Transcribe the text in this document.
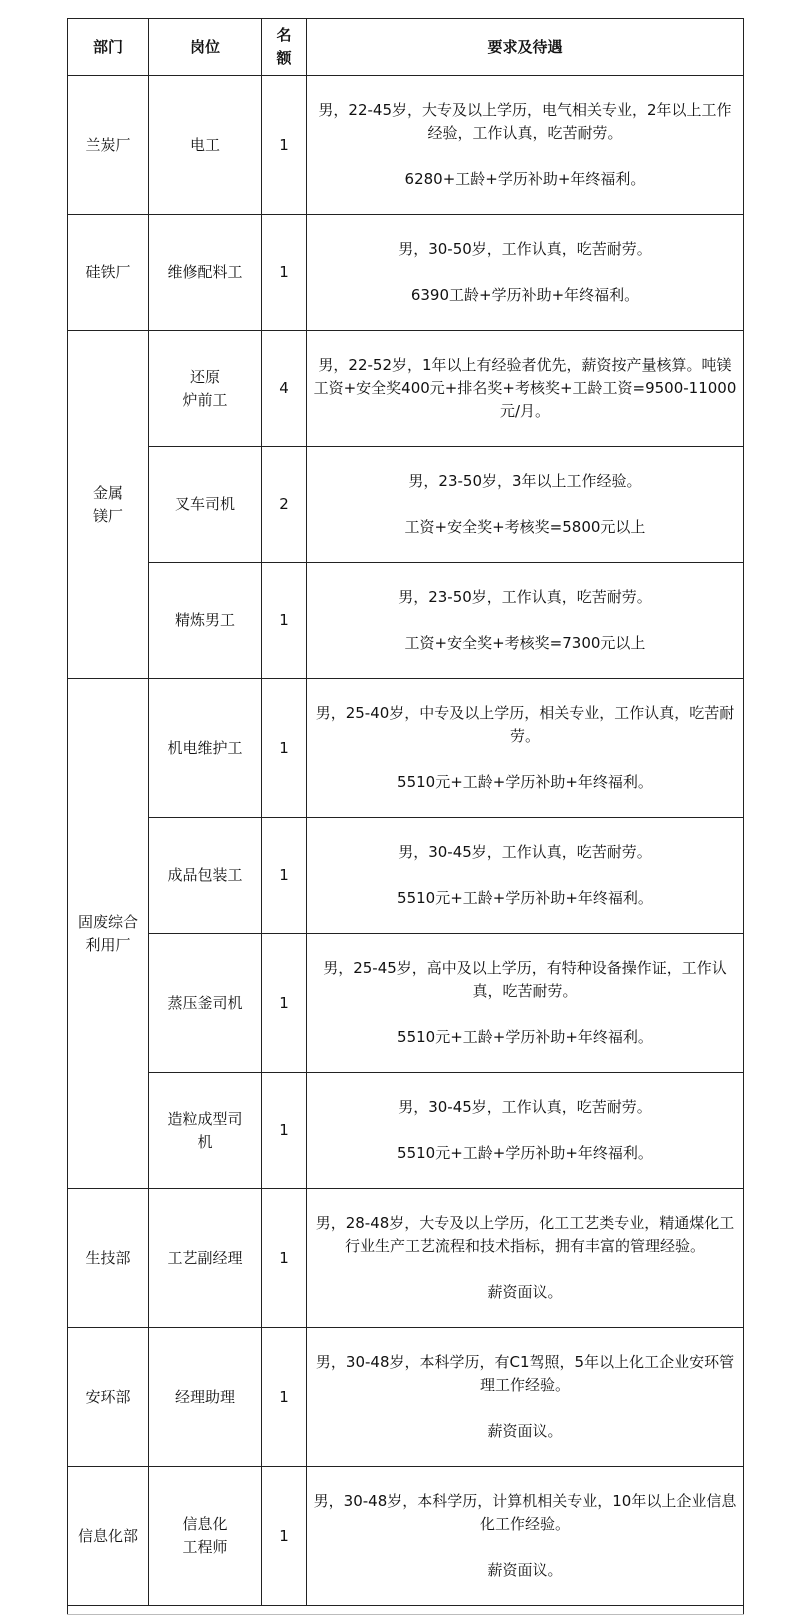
部门	岗位	名额	要求及待遇
兰炭厂	电工	1	男，22-45岁，大专及以上学历，电气相关专业，2年以上工作经验，工作认真，吃苦耐劳。

6280+工龄+学历补助+年终福利。

硅铁厂	维修配料工	1	男，30-50岁，工作认真，吃苦耐劳。

6390工龄+学历补助+年终福利。

金属
镁厂	还原
炉前工	4	男，22-52岁，1年以上有经验者优先，薪资按产量核算。吨镁工资+安全奖400元+排名奖+考核奖+工龄工资=9500-11000元/月。

	叉车司机	2	男，23-50岁，3年以上工作经验。

工资+安全奖+考核奖=5800元以上

	精炼男工	1	男，23-50岁，工作认真，吃苦耐劳。

工资+安全奖+考核奖=7300元以上

固废综合
利用厂	机电维护工	1	男，25-40岁，中专及以上学历，相关专业，工作认真，吃苦耐劳。

5510元+工龄+学历补助+年终福利。

	成品包装工	1	男，30-45岁，工作认真，吃苦耐劳。

5510元+工龄+学历补助+年终福利。

	蒸压釜司机	1	男，25-45岁，高中及以上学历，有特种设备操作证，工作认真，吃苦耐劳。

5510元+工龄+学历补助+年终福利。

	造粒成型司
机	1	男，30-45岁，工作认真，吃苦耐劳。

5510元+工龄+学历补助+年终福利。

生技部	工艺副经理	1	男，28-48岁，大专及以上学历，化工工艺类专业，精通煤化工行业生产工艺流程和技术指标，拥有丰富的管理经验。

薪资面议。

安环部	经理助理	1	男，30-48岁，本科学历，有C1驾照，5年以上化工企业安环管理工作经验。

薪资面议。

信息化部	信息化
工程师	1	男，30-48岁，本科学历，计算机相关专业，10年以上企业信息化工作经验。

薪资面议。
